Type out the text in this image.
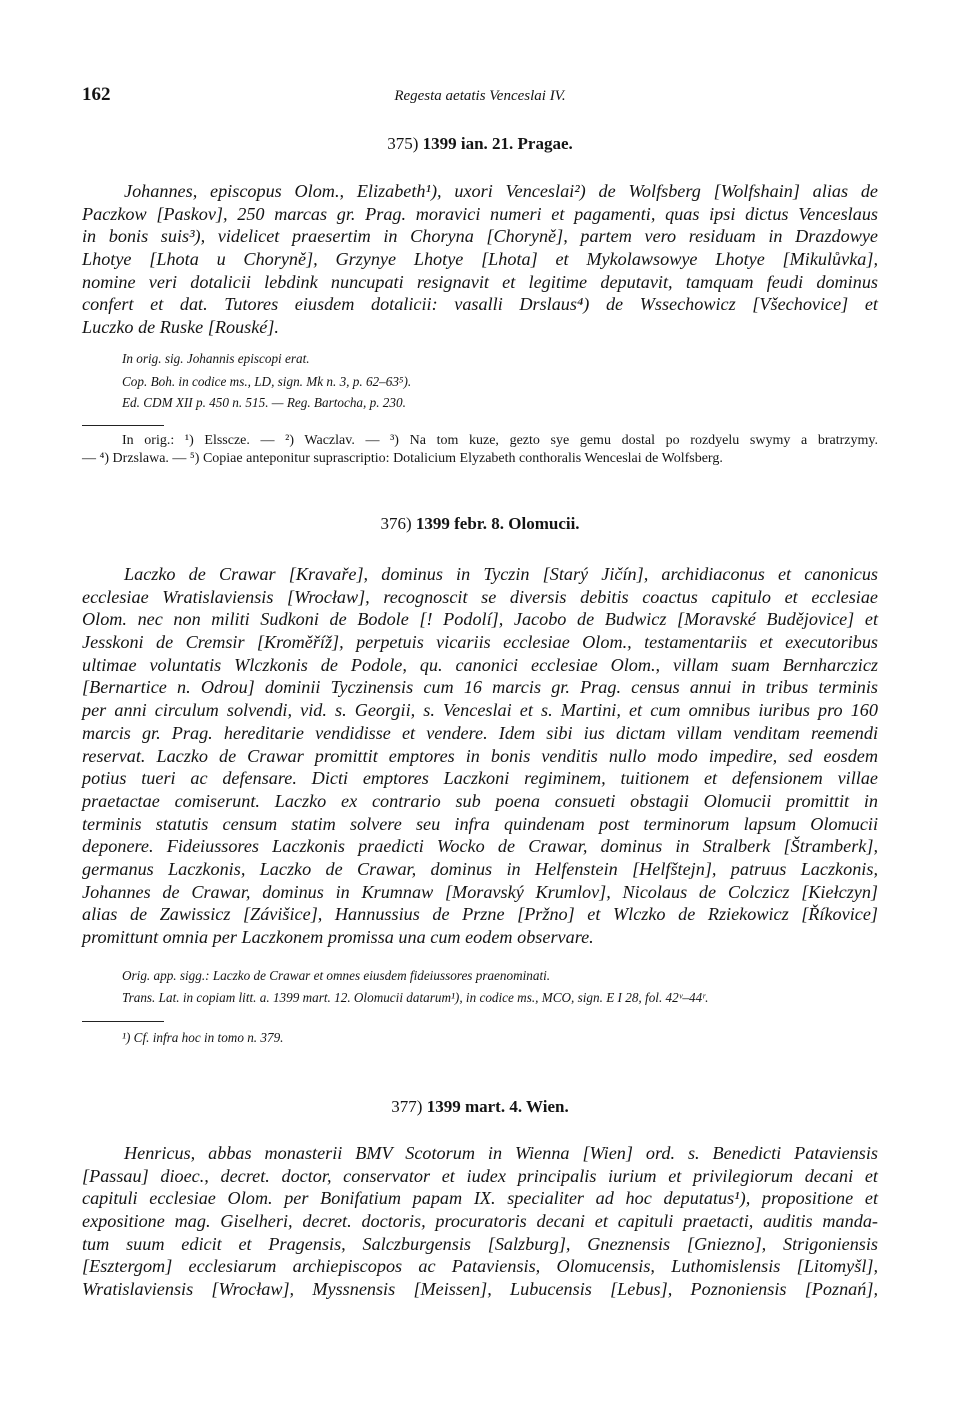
162	Regesta aetatis Venceslai IV.
375) 1399 ian. 21. Pragae.
Johannes, episcopus Olom., Elizabeth¹), uxori Venceslai²) de Wolfsberg [Wolfshain] alias de
Paczkow [Paskov], 250 marcas gr. Prag. moravici numeri et pagamenti, quas ipsi dictus Venceslaus
in bonis suis³), videlicet praesertim in Choryna [Choryně], partem vero residuam in Drazdowye
Lhotye [Lhota u Choryně], Grzynye Lhotye [Lhota] et Mykolawsowye Lhotye [Mikulůvka],
nomine veri dotalicii lebdink nuncupati resignavit et legitime deputavit, tamquam feudi dominus
confert et dat. Tutores eiusdem dotalicii: vasalli Drslaus⁴) de Wssechowicz [Všechovice] et
Luczko de Ruske [Rouské].
In orig. sig. Johannis episcopi erat.
Cop. Boh. in codice ms., LD, sign. Mk n. 3, p. 62–63⁵).
Ed. CDM XII p. 450 n. 515. — Reg. Bartocha, p. 230.
In orig.: ¹) Elssсze. — ²) Waczlav. — ³) Na tom kuze, gezto sye gemu dostal po rozdyelu swymy a bratrzymy.
— ⁴) Drzslawa. — ⁵) Copiae anteponitur suprascriptio: Dotalicium Elyzabeth conthoralis Wenceslai de Wolfsberg.
376) 1399 febr. 8. Olomucii.
Laczko de Crawar [Kravaře], dominus in Tyczin [Starý Jičín], archidiaconus et canonicus
ecclesiae Wratislaviensis [Wrocław], recognoscit se diversis debitis coactus capitulo et ecclesiae
Olom. nec non militi Sudkoni de Bodole [! Podolí], Jacobo de Budwicz [Moravské Budějovice] et
Jesskoni de Cremsir [Kroměříž], perpetuis vicariis ecclesiae Olom., testamentariis et executoribus
ultimae voluntatis Wlczkonis de Podole, qu. canonici ecclesiae Olom., villam suam Bernharczicz
[Bernartice n. Odrou] dominii Tyczinensis cum 16 marcis gr. Prag. census annui in tribus terminis
per anni circulum solvendi, vid. s. Georgii, s. Venceslai et s. Martini, et cum omnibus iuribus pro 160
marcis gr. Prag. hereditarie vendidisse et vendere. Idem sibi ius dictam villam venditam reemendi
reservat. Laczko de Crawar promittit emptores in bonis venditis nullo modo impedire, sed eosdem
potius tueri ac defensare. Dicti emptores Laczkoni regiminem, tuitionem et defensionem villae
praetactae comiserunt. Laczko ex contrario sub poena consueti obstagii Olomucii promittit in
terminis statutis censum statim solvere seu infra quindenam post terminorum lapsum Olomucii
deponere. Fideiussores Laczkonis praedicti Wocko de Crawar, dominus in Stralberk [Štramberk],
germanus Laczkonis, Laczko de Crawar, dominus in Helfenstein [Helfštejn], patruus Laczkonis,
Johannes de Crawar, dominus in Krumnaw [Moravský Krumlov], Nicolaus de Colczicz [Kiełczyn]
alias de Zawissicz [Závišice], Hannussius de Przne [Pržno] et Wlczko de Rziekowicz [Říkovice]
promittunt omnia per Laczkonem promissa una cum eodem observare.
Orig. app. sigg.: Laczko de Crawar et omnes eiusdem fideiussores praenominati.
Trans. Lat. in copiam litt. a. 1399 mart. 12. Olomucii datarum¹), in codice ms., MCO, sign. E I 28, fol. 42ᵛ–44ʳ.
¹) Cf. infra hoc in tomo n. 379.
377) 1399 mart. 4. Wien.
Henricus, abbas monasterii BMV Scotorum in Wienna [Wien] ord. s. Benedicti Pataviensis
[Passau] dioec., decret. doctor, conservator et iudex principalis iurium et privilegiorum decani et
capituli ecclesiae Olom. per Bonifatium papam IX. specialiter ad hoc deputatus¹), propositione et
expositione mag. Giselheri, decret. doctoris, procuratoris decani et capituli praetacti, auditis manda-
tum suum edicit et Pragensis, Salczburgensis [Salzburg], Gneznensis [Gniezno], Strigoniensis
[Esztergom] ecclesiarum archiepiscopos ac Pataviensis, Olomucensis, Luthomislensis [Litomyšl],
Wratislaviensis [Wrocław], Myssnensis [Meissen], Lubucensis [Lebus], Poznoniensis [Poznań],
